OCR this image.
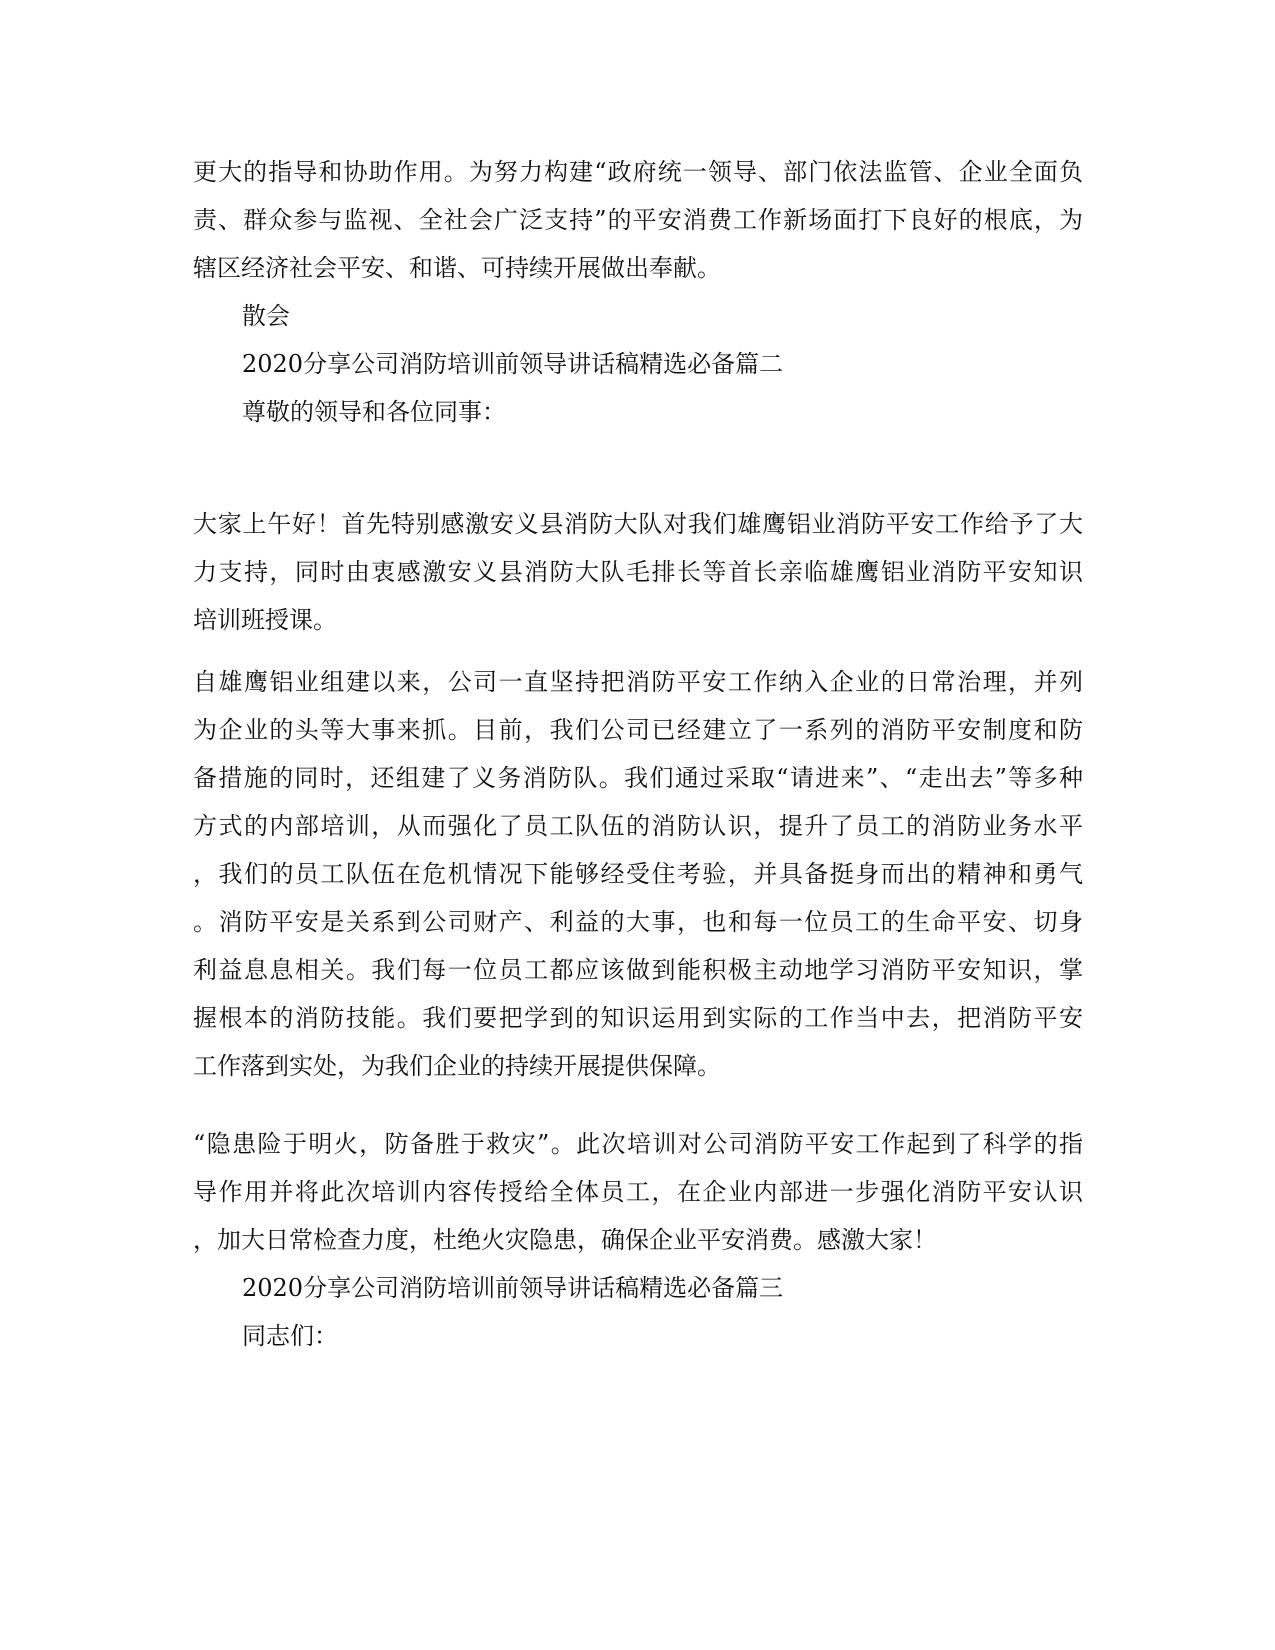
更大的指导和协助作用。为努力构建“政府统一领导、部门依法监管、企业全面负
责、群众参与监视、全社会广泛支持”的平安消费工作新场面打下良好的根底，为
辖区经济社会平安、和谐、可持续开展做出奉献。
散会
2020分享公司消防培训前领导讲话稿精选必备篇二
尊敬的领导和各位同事：
大家上午好！首先特别感激安义县消防大队对我们雄鹰铝业消防平安工作给予了大
力支持，同时由衷感激安义县消防大队毛排长等首长亲临雄鹰铝业消防平安知识
培训班授课。
自雄鹰铝业组建以来，公司一直坚持把消防平安工作纳入企业的日常治理，并列
为企业的头等大事来抓。目前，我们公司已经建立了一系列的消防平安制度和防
备措施的同时，还组建了义务消防队。我们通过采取“请进来”、“走出去”等多种
方式的内部培训，从而强化了员工队伍的消防认识，提升了员工的消防业务水平
，我们的员工队伍在危机情况下能够经受住考验，并具备挺身而出的精神和勇气
。消防平安是关系到公司财产、利益的大事，也和每一位员工的生命平安、切身
利益息息相关。我们每一位员工都应该做到能积极主动地学习消防平安知识，掌
握根本的消防技能。我们要把学到的知识运用到实际的工作当中去，把消防平安
工作落到实处，为我们企业的持续开展提供保障。
“隐患险于明火，防备胜于救灾”。此次培训对公司消防平安工作起到了科学的指
导作用并将此次培训内容传授给全体员工，在企业内部进一步强化消防平安认识
，加大日常检查力度，杜绝火灾隐患，确保企业平安消费。感激大家！
2020分享公司消防培训前领导讲话稿精选必备篇三
同志们：
